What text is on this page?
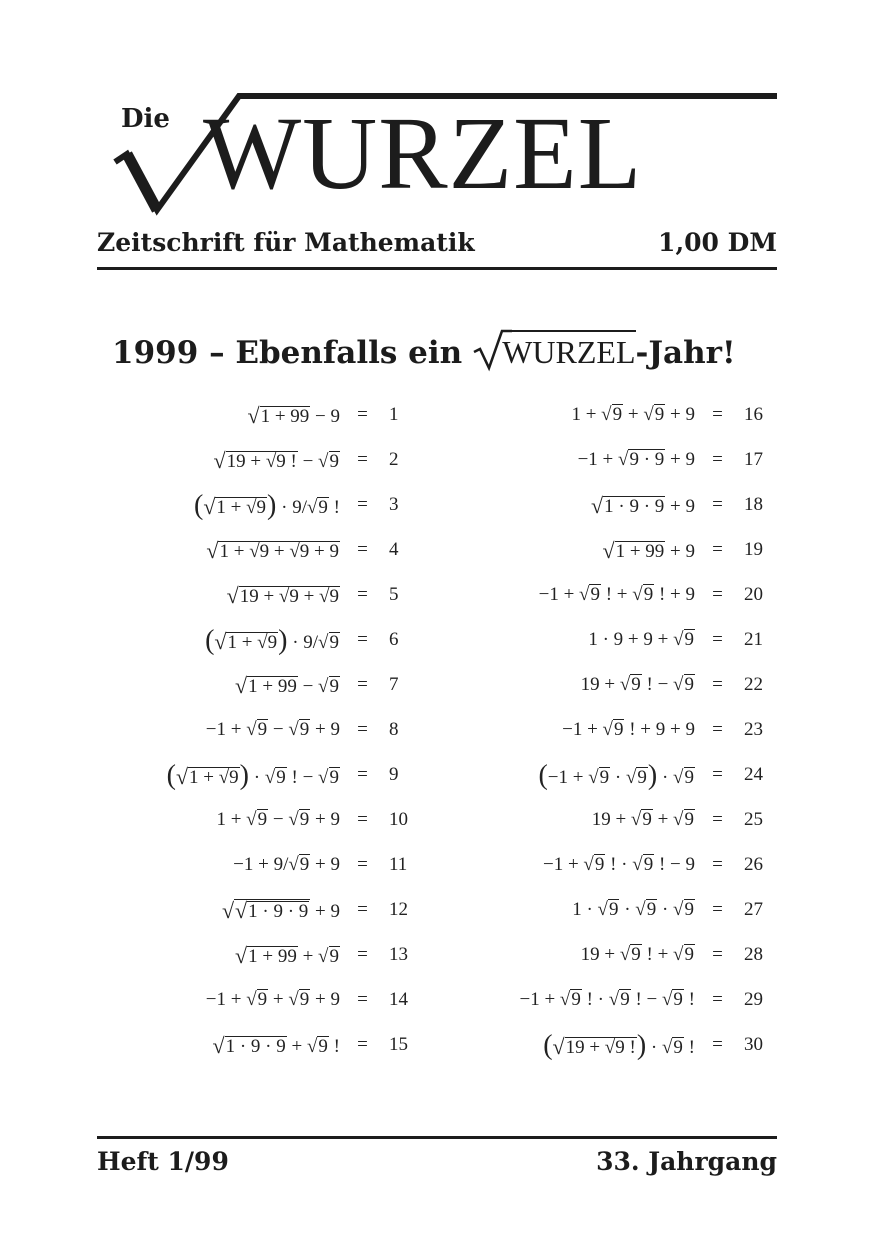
Die WURZEL
Zeitschrift für Mathematik	1,00 DM
1999 – Ebenfalls ein WURZEL-Jahr!
√1 + 99 − 9 =	1
√19 + √9 ! − √9 =	2
(√1 + √9) · 9/√9 ! =	3
√1 + √9 + √9 + 9 =	4
√19 + √9 + √9 =	5
(√1 + √9) · 9/√9 =	6
√1 + 99 − √9 =	7
−1 + √9 − √9 + 9 =	8
(√1 + √9) · √9 ! − √9 =	9
1 + √9 − √9 + 9 =	10
−1 + 9/√9 + 9 =	11
√√1 · 9 · 9 + 9 =	12
√1 + 99 + √9 =	13
−1 + √9 + √9 + 9 =	14
√1 · 9 · 9 + √9 ! =	15
1 + √9 + √9 + 9 =	16
−1 + √9 · 9 + 9 =	17
√1 · 9 · 9 + 9 =	18
√1 + 99 + 9 =	19
−1 + √9 ! + √9 ! + 9 =	20
1 · 9 + 9 + √9 =	21
19 + √9 ! − √9 =	22
−1 + √9 ! + 9 + 9 =	23
(−1 + √9 · √9) · √9 =	24
19 + √9 + √9 =	25
−1 + √9 ! · √9 ! − 9 =	26
1 · √9 · √9 · √9 =	27
19 + √9 ! + √9 =	28
−1 + √9 ! · √9 ! − √9 ! =	29
(√19 + √9 !) · √9 ! =	30
Heft 1/99	33. Jahrgang
